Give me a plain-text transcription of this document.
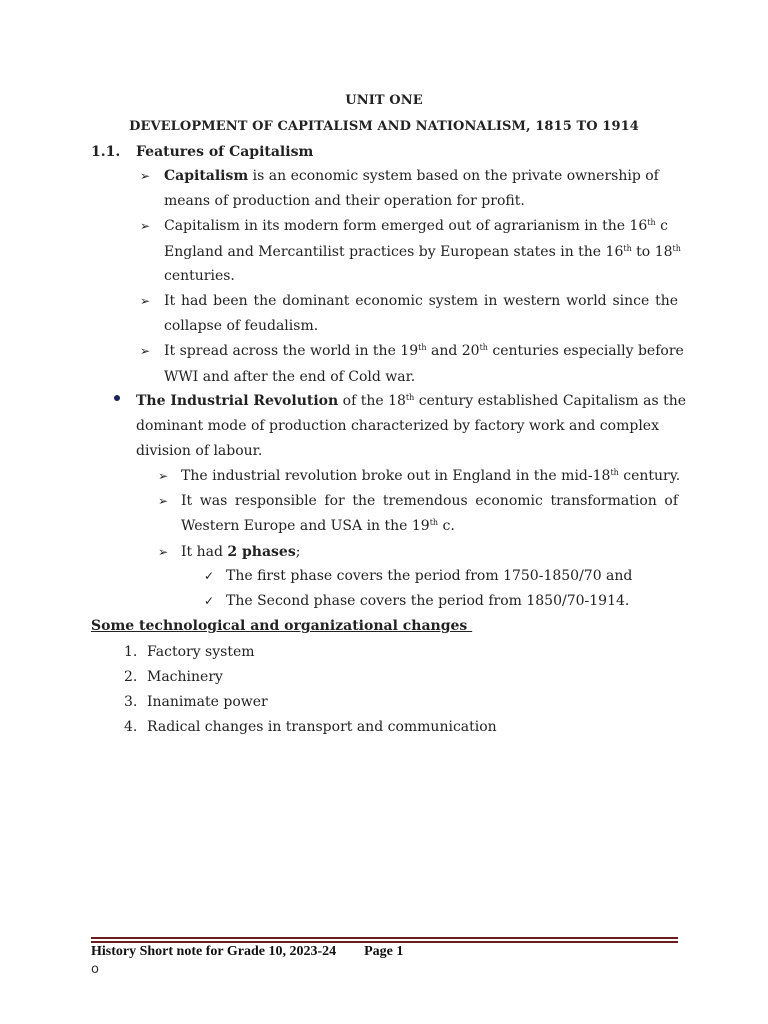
UNIT ONE
DEVELOPMENT OF CAPITALISM AND NATIONALISM, 1815 TO 1914
1.1. Features of Capitalism
➢ Capitalism is an economic system based on the private ownership of
means of production and their operation for profit.
➢ Capitalism in its modern form emerged out of agrarianism in the 16th c
England and Mercantilist practices by European states in the 16th to 18th
centuries.
➢ It had been the dominant economic system in western world since the
collapse of feudalism.
➢ It spread across the world in the 19th and 20th centuries especially before
WWI and after the end of Cold war.
The Industrial Revolution of the 18th century established Capitalism as the
dominant mode of production characterized by factory work and complex
division of labour.
➢ The industrial revolution broke out in England in the mid-18th century.
➢ It was responsible for the tremendous economic transformation of
Western Europe and USA in the 19th c.
➢ It had 2 phases;
✓ The first phase covers the period from 1750-1850/70 and
✓ The Second phase covers the period from 1850/70-1914.
Some technological and organizational changes
1. Factory system
2. Machinery
3. Inanimate power
4. Radical changes in transport and communication
History Short note for Grade 10, 2023-24        Page 1
o
